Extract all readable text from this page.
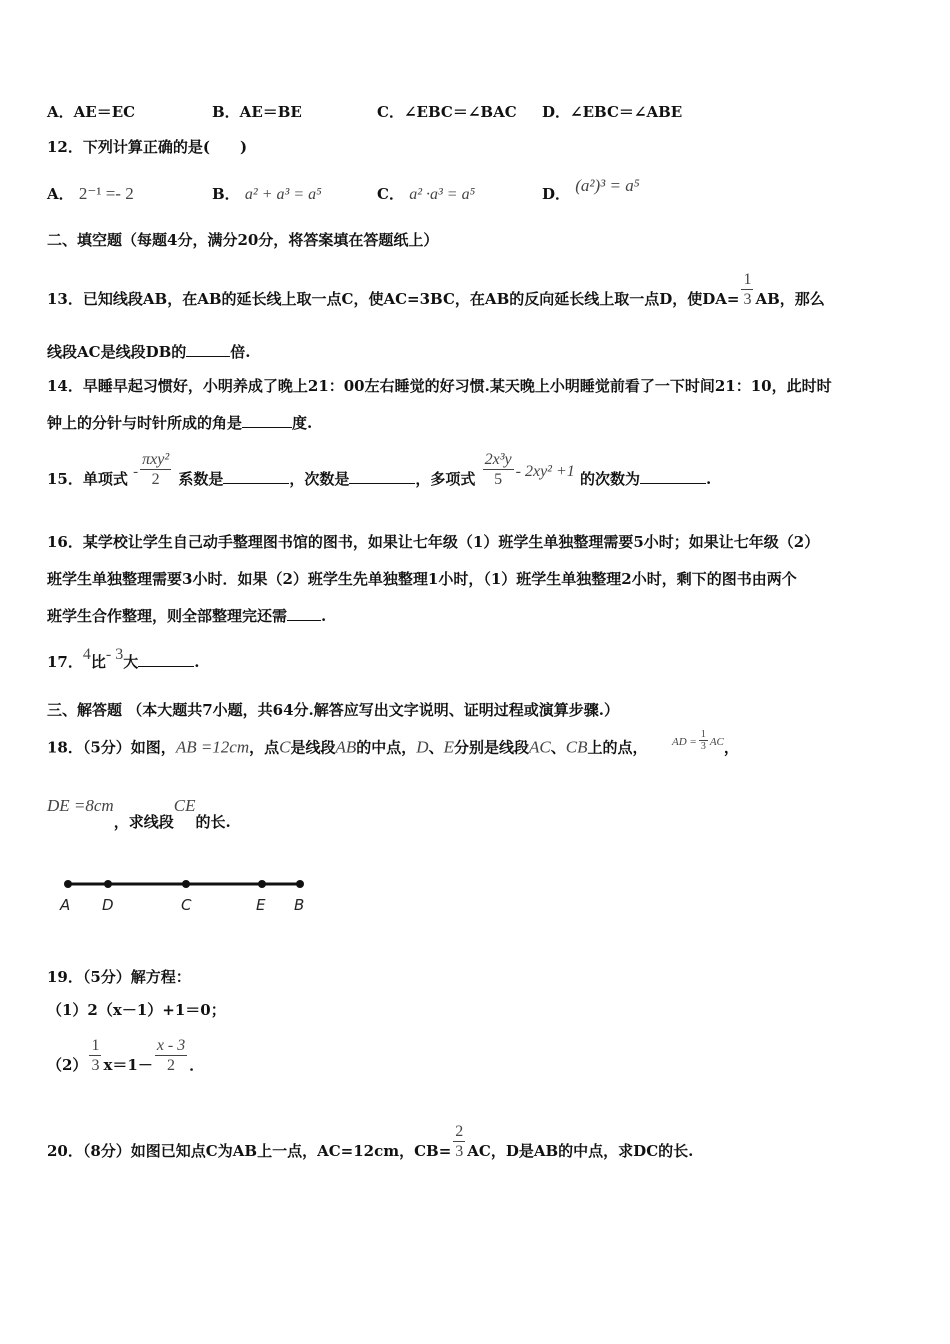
A．AE＝EC	B．AE＝BE	C．∠EBC＝∠BAC D．∠EBC＝∠ABE
12．下列计算正确的是(　　)
A． 2⁻¹ =- 2	B． a² + a³ = a⁵	C． a² ·a³ = a⁵	D． (a²)³ = a⁵
二、填空题（每题4分，满分20分，将答案填在答题纸上）
13．已知线段AB，在AB的延长线上取一点C，使AC=3BC，在AB的反向延长线上取一点D，使$DA= \frac{1}{3}$ AB，那么
线段AC是线段DB的	倍.
14．早睡早起习惯好，小明养成了晚上21：00左右睡觉的好习惯.某天晚上小明睡觉前看了一下时间21：10，此时时
钟上的分针与时针所成的角是	度.
15．单项式 - $\frac{\text{πxy²}}{2}$ 系数是	，次数是	，多项式 $\frac{\text{2x³y}}{5} - 2xy^2 +1$ 的次数为	.
16．某学校让学生自己动手整理图书馆的图书，如果让七年级（1）班学生单独整理需要5小时；如果让七年级（2）
班学生单独整理需要3小时．如果（2）班学生先单独整理1小时，（1）班学生单独整理2小时，剩下的图书由两个
班学生合作整理，则全部整理完还需 .
17．4比- 3大	.
三、解答题 （本大题共7小题，共64分.解答应写出文字说明、证明过程或演算步骤.）
18．（5分）如图，AB =12cm，点C是线段AB的中点，D、E分别是线段AC、CB上的点， $^{AD =} \frac{1}{3} ^{AC}$，
DE =8cm，求线段CE的长.
A D	C	E B
19．（5分）解方程：
（1）2（x－1）+1＝0；
$(2) \frac{1}{3} x=1- \frac{x - 3}{2}$ ．
20．（8分）如图已知点C为AB上一点，AC=12cm，$CB= \frac{2}{3}$ AC，D是AB的中点，求DC的长.
